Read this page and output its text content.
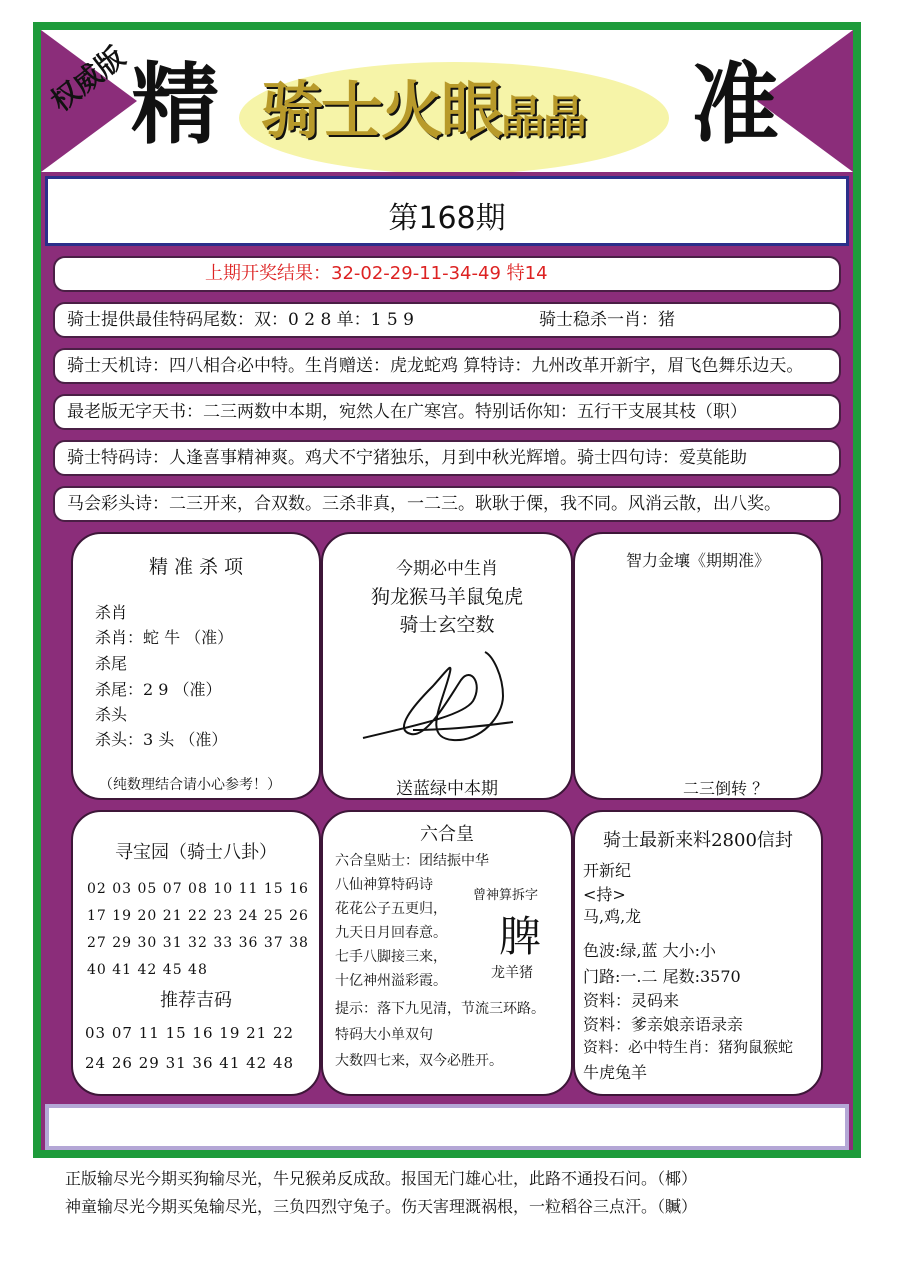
权威版 精 骑士火眼晶晶 准
第168期
上期开奖结果：32-02-29-11-34-49 特14
骑士提供最佳特码尾数：双：0 2 8 单：1 5 9	骑士稳杀一肖：猪
骑士天机诗：四八相合必中特。生肖赠送：虎龙蛇鸡 算特诗：九州改革开新宇，眉飞色舞乐边天。
最老版无字天书：二三两数中本期，宛然人在广寒宫。特别话你知：五行干支展其枝（职）
骑士特码诗：人逢喜事精神爽。鸡犬不宁猪独乐，月到中秋光辉增。骑士四句诗：爱莫能助
马会彩头诗：二三开来，合双数。三杀非真，一二三。耿耿于傈，我不同。风消云散，出八奖。
精 准 杀 项
杀肖
杀肖：蛇 牛 （准）
杀尾
杀尾：2 9 （准）
杀头
杀头：3 头 （准）
（纯数理结合请小心参考！）
今期必中生肖
狗龙猴马羊鼠兔虎
骑士玄空数
送蓝绿中本期
智力金壤《期期准》
二三倒转 ？
寻宝园（骑士八卦）
02 03 05 07 08 10 11 15 16
17 19 20 21 22 23 24 25 26
27 29 30 31 32 33 36 37 38
40 41 42 45 48
推荐吉码
03 07 11 15 16 19 21 22
24 26 29 31 36 41 42 48
六合皇
六合皇贴士：团结振中华
八仙神算特码诗
花花公子五更归，
九天日月回春意。
七手八脚接三来，
十亿神州溢彩霞。
提示：落下九见清，节流三环路。
特码大小单双句
大数四七来，双今必胜开。
曾神算拆字
脾
龙羊猪
骑士最新来料2800信封
开新纪
<持>
马,鸡,龙
色波:绿,蓝 大小:小
门路:一.二 尾数:3570
资料：灵码来
资料：爹亲娘亲语录亲
资料：必中特生肖：猪狗鼠猴蛇
牛虎兔羊
正版输尽光今期买狗输尽光，牛兄猴弟反成敌。报国无门雄心壮，此路不通投石问。（椰）
神童输尽光今期买兔输尽光，三负四烈守兔子。伤天害理溉祸根，一粒稻谷三点汗。（贓）
